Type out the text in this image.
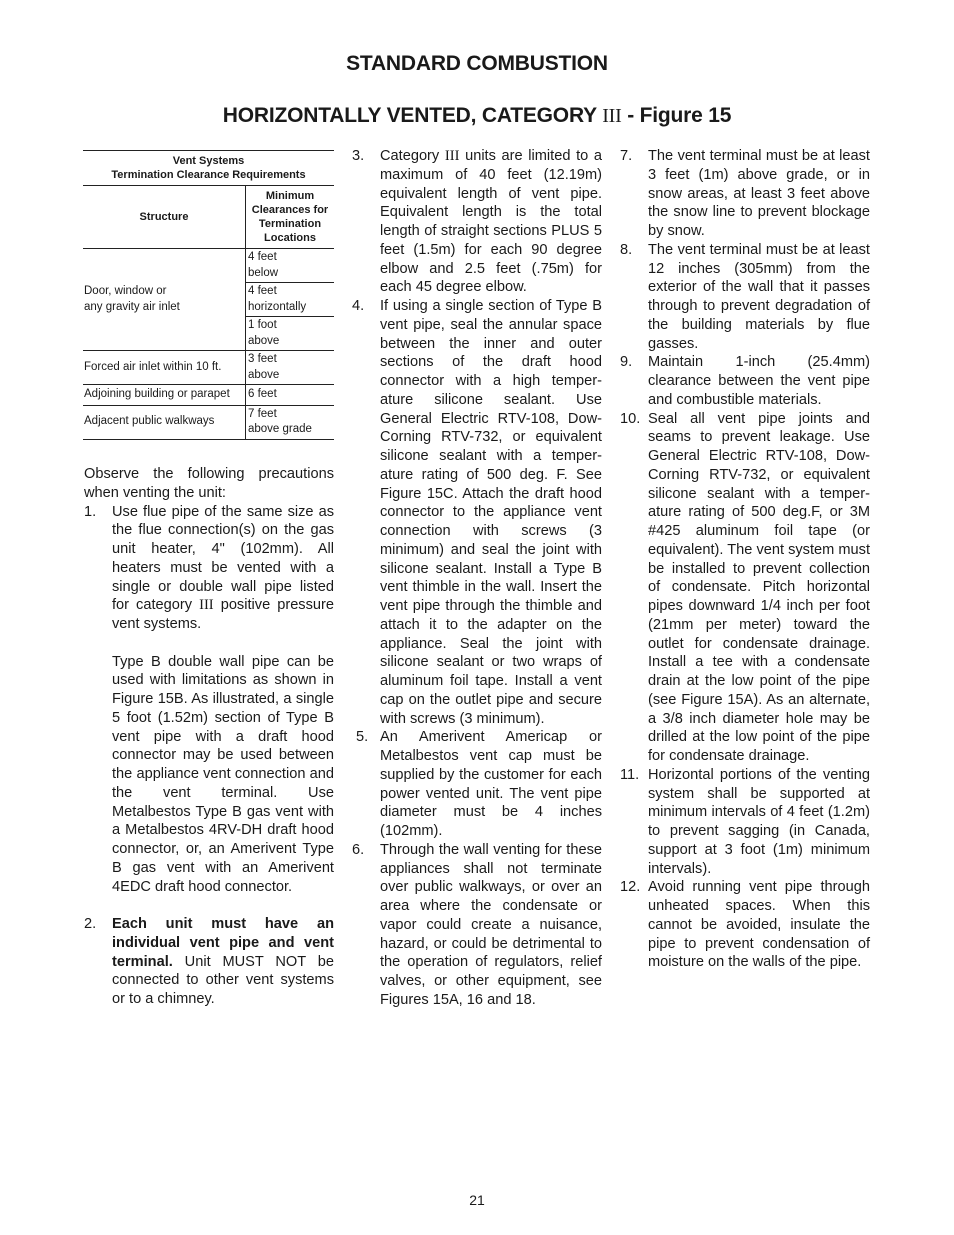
STANDARD COMBUSTION
HORIZONTALLY VENTED, CATEGORY III - Figure 15
Vent Systems
Termination Clearance Requirements	
Structure	Minimum
Clearances for
Termination
Locations
Door, window or
any gravity air inlet	4 feet
below
	4 feet
horizontally
	1 foot
above
Forced air inlet within 10 ft.	3 feet
above
Adjoining building or parapet	6 feet
Adjacent public walkways	7 feet
above grade

Observe the following precautions when venting the unit:

1. Use flue pipe of the same size as the flue connection(s) on the gas unit heater, 4" (102mm). All heaters must be vented with a single or double wall pipe listed for category III positive pressure vent systems.

Type B double wall pipe can be used with limitations as shown in Figure 15B. As illustrated, a single 5 foot (1.52m) section of Type B vent pipe with a draft hood connector may be used between the appliance vent connection and the vent terminal. Use Metalbestos Type B gas vent with a Metalbestos 4RV-DH draft hood connector, or, an Amerivent Type B gas vent with an Amerivent 4EDC draft hood connector.

2. Each unit must have an individual vent pipe and vent terminal. Unit MUST NOT be connected to other vent systems or to a chimney.

3. Category III units are limited to a maximum of 40 feet (12.19m) equivalent length of vent pipe. Equivalent length is the total length of straight sections PLUS 5 feet (1.5m) for each 90 degree elbow and 2.5 feet (.75m) for each 45 degree elbow.

4. If using a single section of Type B vent pipe, seal the annular space between the inner and outer sections of the draft hood connector with a high temper-ature silicone sealant. Use General Electric RTV-108, Dow-Corning RTV-732, or equivalent silicone sealant with a temper-ature rating of 500 deg. F. See Figure 15C. Attach the draft hood connector to the appliance vent connection with screws (3 minimum) and seal the joint with silicone sealant. Install a Type B vent thimble in the wall. Insert the vent pipe through the thimble and attach it to the adapter on the appliance. Seal the joint with silicone sealant or two wraps of aluminum foil tape. Install a vent cap on the outlet pipe and secure with screws (3 minimum).

5. An Amerivent Americap or Metalbestos vent cap must be supplied by the customer for each power vented unit. The vent pipe diameter must be 4 inches (102mm).

6. Through the wall venting for these appliances shall not terminate over public walkways, or over an area where the condensate or vapor could create a nuisance, hazard, or could be detrimental to the operation of regulators, relief valves, or other equipment, see Figures 15A, 16 and 18.

7. The vent terminal must be at least 3 feet (1m) above grade, or in snow areas, at least 3 feet above the snow line to prevent blockage by snow.

8. The vent terminal must be at least 12 inches (305mm) from the exterior of the wall that it passes through to prevent degradation of the building materials by flue gasses.

9. Maintain 1-inch (25.4mm) clearance between the vent pipe and combustible materials.

10. Seal all vent pipe joints and seams to prevent leakage. Use General Electric RTV-108, Dow-Corning RTV-732, or equivalent silicone sealant with a temper-ature rating of 500 deg.F, or 3M #425 aluminum foil tape (or equivalent). The vent system must be installed to prevent collection of condensate. Pitch horizontal pipes downward 1/4 inch per foot (21mm per meter) toward the outlet for condensate drainage. Install a tee with a condensate drain at the low point of the pipe (see Figure 15A). As an alternate, a 3/8 inch diameter hole may be drilled at the low point of the pipe for condensate drainage.

11. Horizontal portions of the venting system shall be supported at minimum intervals of 4 feet (1.2m) to prevent sagging (in Canada, support at 3 foot (1m) minimum intervals).

12. Avoid running vent pipe through unheated spaces. When this cannot be avoided, insulate the pipe to prevent condensation of moisture on the walls of the pipe.

21
